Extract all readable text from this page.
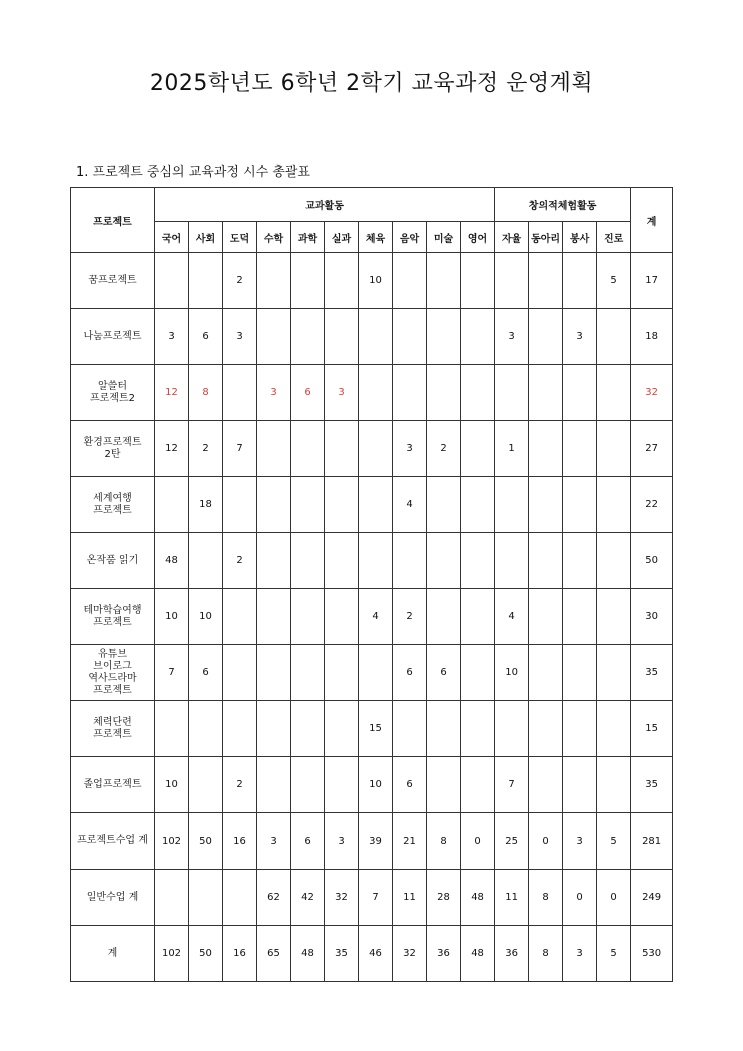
2025학년도 6학년 2학기 교육과정 운영계획
1. 프로젝트 중심의 교육과정 시수 총괄표
프로젝트	교과활동										창의적체험활동				계
	국어	사회	도덕	수학	과학	실과	체육	음악	미술	영어	자율	동아리	봉사	진로	
꿈프로젝트			2				10							5	17
나눔프로젝트	3	6	3								3		3		18
알쓸터
프로젝트2	12	8		3	6	3									32
환경프로젝트
2탄	12	2	7					3	2		1				27
세계여행
프로젝트		18						4							22
온작품 읽기	48		2												50
테마학습여행
프로젝트	10	10					4	2			4				30
유튜브
브이로그
역사드라마
프로젝트	7	6						6	6		10				35
체력단련
프로젝트							15								15
졸업프로젝트	10		2				10	6			7				35
프로젝트수업 계	102	50	16	3	6	3	39	21	8	0	25	0	3	5	281
일반수업 계				62	42	32	7	11	28	48	11	8	0	0	249
계	102	50	16	65	48	35	46	32	36	48	36	8	3	5	530
